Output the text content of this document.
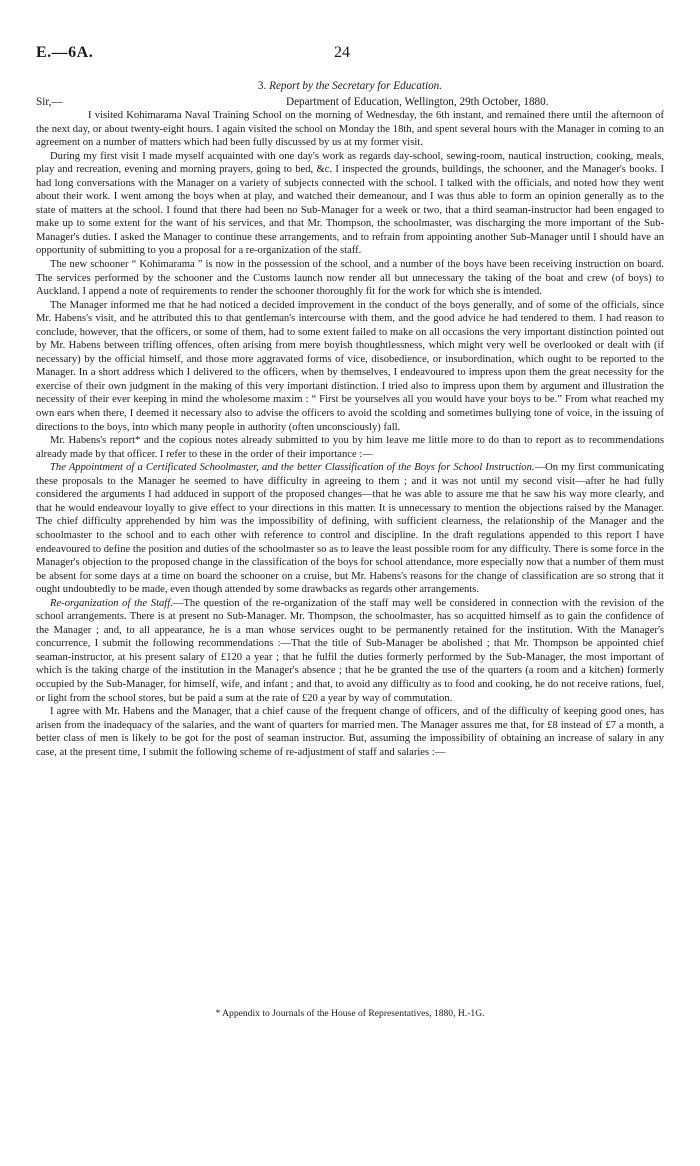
E.—6A.	24
3. Report by the Secretary for Education.
Sir,—	Department of Education, Wellington, 29th October, 1880.

I visited Kohimarama Naval Training School on the morning of Wednesday, the 6th instant, and remained there until the afternoon of the next day, or about twenty-eight hours. I again visited the school on Monday the 18th, and spent several hours with the Manager in coming to an agreement on a number of matters which had been fully discussed by us at my former visit.

During my first visit I made myself acquainted with one day's work as regards day-school, sewing-room, nautical instruction, cooking, meals, play and recreation, evening and morning prayers, going to bed, &c. I inspected the grounds, buildings, the schooner, and the Manager's books. I had long conversations with the Manager on a variety of subjects connected with the school. I talked with the officials, and noted how they went about their work. I went among the boys when at play, and watched their demeanour, and I was thus able to form an opinion generally as to the state of matters at the school. I found that there had been no Sub-Manager for a week or two, that a third seaman-instructor had been engaged to make up to some extent for the want of his services, and that Mr. Thompson, the schoolmaster, was discharging the more important of the Sub-Manager's duties. I asked the Manager to continue these arrangements, and to refrain from appointing another Sub-Manager until I should have an opportunity of submitting to you a proposal for a re-organization of the staff.

The new schooner “ Kohimarama ” is now in the possession of the school, and a number of the boys have been receiving instruction on board. The services performed by the schooner and the Customs launch now render all but unnecessary the taking of the boat and crew (of boys) to Auckland. I append a note of requirements to render the schooner thoroughly fit for the work for which she is intended.

The Manager informed me that he had noticed a decided improvement in the conduct of the boys generally, and of some of the officials, since Mr. Habens's visit, and he attributed this to that gentleman's intercourse with them, and the good advice he had tendered to them. I had reason to conclude, however, that the officers, or some of them, had to some extent failed to make on all occasions the very important distinction pointed out by Mr. Habens between trifling offences, often arising from mere boyish thoughtlessness, which might very well be overlooked or dealt with (if necessary) by the official himself, and those more aggravated forms of vice, disobedience, or insubordination, which ought to be reported to the Manager. In a short address which I delivered to the officers, when by themselves, I endeavoured to impress upon them the great necessity for the exercise of their own judgment in the making of this very important distinction. I tried also to impress upon them by argument and illustration the necessity of their ever keeping in mind the wholesome maxim : “ First be yourselves all you would have your boys to be.” From what reached my own ears when there, I deemed it necessary also to advise the officers to avoid the scolding and sometimes bullying tone of voice, in the issuing of directions to the boys, into which many people in authority (often unconsciously) fall.

Mr. Habens's report* and the copious notes already submitted to you by him leave me little more to do than to report as to recommendations already made by that officer. I refer to these in the order of their importance :—

The Appointment of a Certificated Schoolmaster, and the better Classification of the Boys for School Instruction.—On my first communicating these proposals to the Manager he seemed to have difficulty in agreeing to them ; and it was not until my second visit—after he had fully considered the arguments I had adduced in support of the proposed changes—that he was able to assure me that he saw his way more clearly, and that he would endeavour loyally to give effect to your directions in this matter. It is unnecessary to mention the objections raised by the Manager. The chief difficulty apprehended by him was the impossibility of defining, with sufficient clearness, the relationship of the Manager and the schoolmaster to the school and to each other with reference to control and discipline. In the draft regulations appended to this report I have endeavoured to define the position and duties of the schoolmaster so as to leave the least possible room for any difficulty. There is some force in the Manager's objection to the proposed change in the classification of the boys for school attendance, more especially now that a number of them must be absent for some days at a time on board the schooner on a cruise, but Mr. Habens's reasons for the change of classification are so strong that it ought undoubtedly to be made, even though attended by some drawbacks as regards other arrangements.

Re-organization of the Staff.—The question of the re-organization of the staff may well be considered in connection with the revision of the school arrangements. There is at present no Sub-Manager. Mr. Thompson, the schoolmaster, has so acquitted himself as to gain the confidence of the Manager ; and, to all appearance, he is a man whose services ought to be permanently retained for the institution. With the Manager's concurrence, I submit the following recommendations :—That the title of Sub-Manager be abolished ; that Mr. Thompson be appointed chief seaman-instructor, at his present salary of £120 a year ; that he fulfil the duties formerly performed by the Sub-Manager, the most important of which is the taking charge of the institution in the Manager's absence ; that he be granted the use of the quarters (a room and a kitchen) formerly occupied by the Sub-Manager, for himself, wife, and infant ; and that, to avoid any difficulty as to food and cooking, he do not receive rations, fuel, or light from the school stores, but be paid a sum at the rate of £20 a year by way of commutation.

I agree with Mr. Habens and the Manager, that a chief cause of the frequent change of officers, and of the difficulty of keeping good ones, has arisen from the inadequacy of the salaries, and the want of quarters for married men. The Manager assures me that, for £8 instead of £7 a month, a better class of men is likely to be got for the post of seaman instructor. But, assuming the impossibility of obtaining an increase of salary in any case, at the present time, I submit the following scheme of re-adjustment of staff and salaries :—

* Appendix to Journals of the House of Representatives, 1880, H.-1G.
